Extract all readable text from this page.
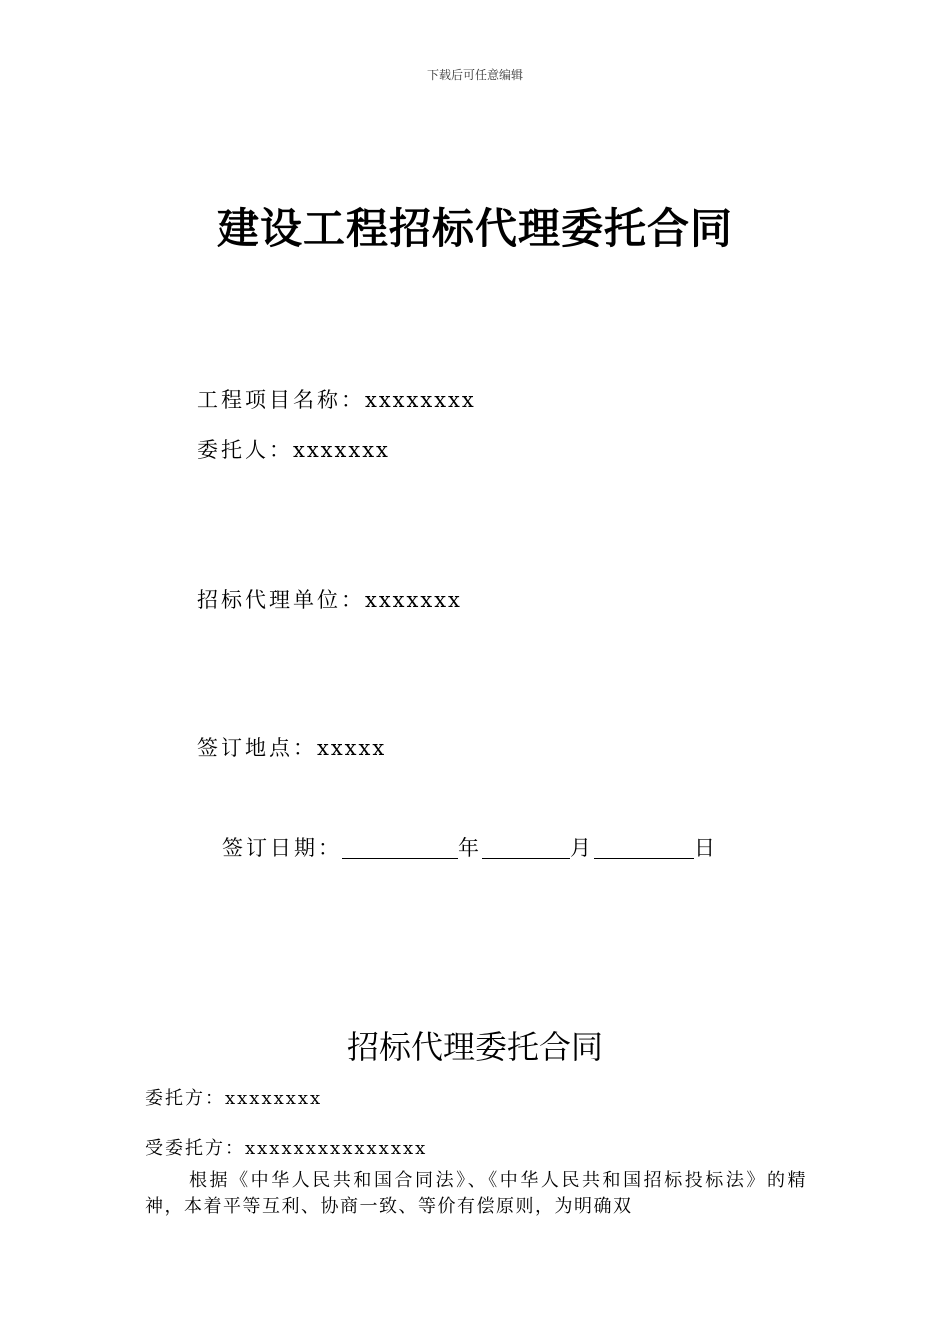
下载后可任意编辑
建设工程招标代理委托合同
工程项目名称：xxxxxxxx
委托人：xxxxxxx
招标代理单位：xxxxxxx
签订地点：xxxxx
签订日期：	年	月	日
招标代理委托合同
委托方：xxxxxxxx
受委托方：xxxxxxxxxxxxxxx
根据《中华人民共和国合同法》、《中华人民共和国招标投标法》的精神，本着平等互利、协商一致、等价有偿原则，为明确双
